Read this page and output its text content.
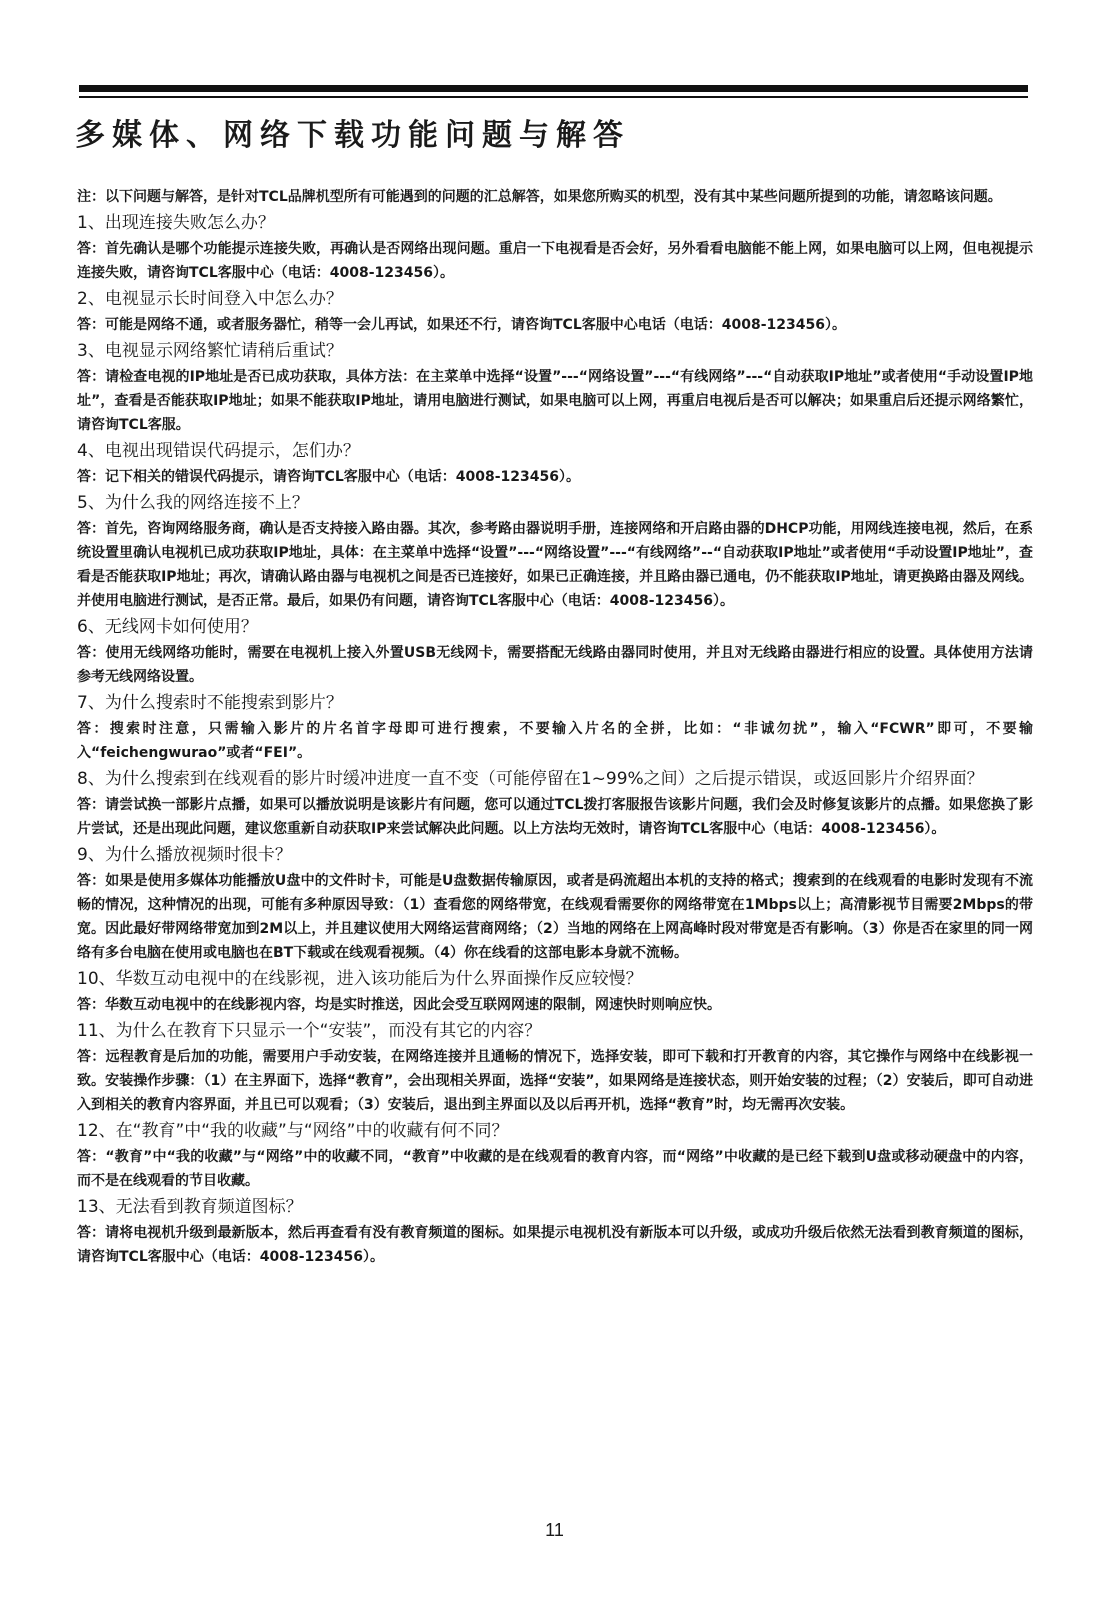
多媒体、网络下载功能问题与解答

注：以下问题与解答，是针对TCL品牌机型所有可能遇到的问题的汇总解答，如果您所购买的机型，没有其中某些问题所提到的功能，请忽略该问题。

1、出现连接失败怎么办？

答：首先确认是哪个功能提示连接失败，再确认是否网络出现问题。重启一下电视看是否会好，另外看看电脑能不能上网，如果电脑可以上网，但电视提示连接失败，请咨询TCL客服中心（电话：4008-123456）。

2、电视显示长时间登入中怎么办？

答：可能是网络不通，或者服务器忙，稍等一会儿再试，如果还不行，请咨询TCL客服中心电话（电话：4008-123456）。

3、电视显示网络繁忙请稍后重试？

答：请检查电视的IP地址是否已成功获取，具体方法：在主菜单中选择“设置”---“网络设置”---“有线网络”---“自动获取IP地址”或者使用“手动设置IP地址”，查看是否能获取IP地址；如果不能获取IP地址，请用电脑进行测试，如果电脑可以上网，再重启电视后是否可以解决；如果重启后还提示网络繁忙，请咨询TCL客服。

4、电视出现错误代码提示，怎们办？

答：记下相关的错误代码提示，请咨询TCL客服中心（电话：4008-123456）。

5、为什么我的网络连接不上？

答：首先，咨询网络服务商，确认是否支持接入路由器。其次，参考路由器说明手册，连接网络和开启路由器的DHCP功能，用网线连接电视，然后，在系统设置里确认电视机已成功获取IP地址，具体：在主菜单中选择“设置”---“网络设置”---“有线网络”--“自动获取IP地址”或者使用“手动设置IP地址”，查看是否能获取IP地址；再次，请确认路由器与电视机之间是否已连接好，如果已正确连接，并且路由器已通电，仍不能获取IP地址，请更换路由器及网线。并使用电脑进行测试，是否正常。最后，如果仍有问题，请咨询TCL客服中心（电话：4008-123456）。

6、无线网卡如何使用？

答：使用无线网络功能时，需要在电视机上接入外置USB无线网卡，需要搭配无线路由器同时使用，并且对无线路由器进行相应的设置。具体使用方法请参考无线网络设置。

7、为什么搜索时不能搜索到影片？

答：搜索时注意，只需输入影片的片名首字母即可进行搜索，不要输入片名的全拼，比如：“非诚勿扰”，输入“FCWR”即可，不要输入“feichengwurao”或者“FEI”。

8、为什么搜索到在线观看的影片时缓冲进度一直不变（可能停留在1~99%之间）之后提示错误，或返回影片介绍界面？

答：请尝试换一部影片点播，如果可以播放说明是该影片有问题，您可以通过TCL拨打客服报告该影片问题，我们会及时修复该影片的点播。如果您换了影片尝试，还是出现此问题，建议您重新自动获取IP来尝试解决此问题。以上方法均无效时，请咨询TCL客服中心（电话：4008-123456）。

9、为什么播放视频时很卡？

答：如果是使用多媒体功能播放U盘中的文件时卡，可能是U盘数据传输原因，或者是码流超出本机的支持的格式；搜索到的在线观看的电影时发现有不流畅的情况，这种情况的出现，可能有多种原因导致：（1）查看您的网络带宽，在线观看需要你的网络带宽在1Mbps以上；高清影视节目需要2Mbps的带宽。因此最好带网络带宽加到2M以上，并且建议使用大网络运营商网络；（2）当地的网络在上网高峰时段对带宽是否有影响。（3）你是否在家里的同一网络有多台电脑在使用或电脑也在BT下载或在线观看视频。（4）你在线看的这部电影本身就不流畅。

10、华数互动电视中的在线影视，进入该功能后为什么界面操作反应较慢？

答：华数互动电视中的在线影视内容，均是实时推送，因此会受互联网网速的限制，网速快时则响应快。

11、为什么在教育下只显示一个“安装”，而没有其它的内容？

答：远程教育是后加的功能，需要用户手动安装，在网络连接并且通畅的情况下，选择安装，即可下载和打开教育的内容，其它操作与网络中在线影视一致。安装操作步骤：（1）在主界面下，选择“教育”，会出现相关界面，选择“安装”，如果网络是连接状态，则开始安装的过程；（2）安装后，即可自动进入到相关的教育内容界面，并且已可以观看；（3）安装后，退出到主界面以及以后再开机，选择“教育”时，均无需再次安装。

12、在“教育”中“我的收藏”与“网络”中的收藏有何不同？

答：“教育”中“我的收藏”与“网络”中的收藏不同，“教育”中收藏的是在线观看的教育内容，而“网络”中收藏的是已经下载到U盘或移动硬盘中的内容，而不是在线观看的节目收藏。

13、无法看到教育频道图标？

答：请将电视机升级到最新版本，然后再查看有没有教育频道的图标。如果提示电视机没有新版本可以升级，或成功升级后依然无法看到教育频道的图标，请咨询TCL客服中心（电话：4008-123456）。

11
